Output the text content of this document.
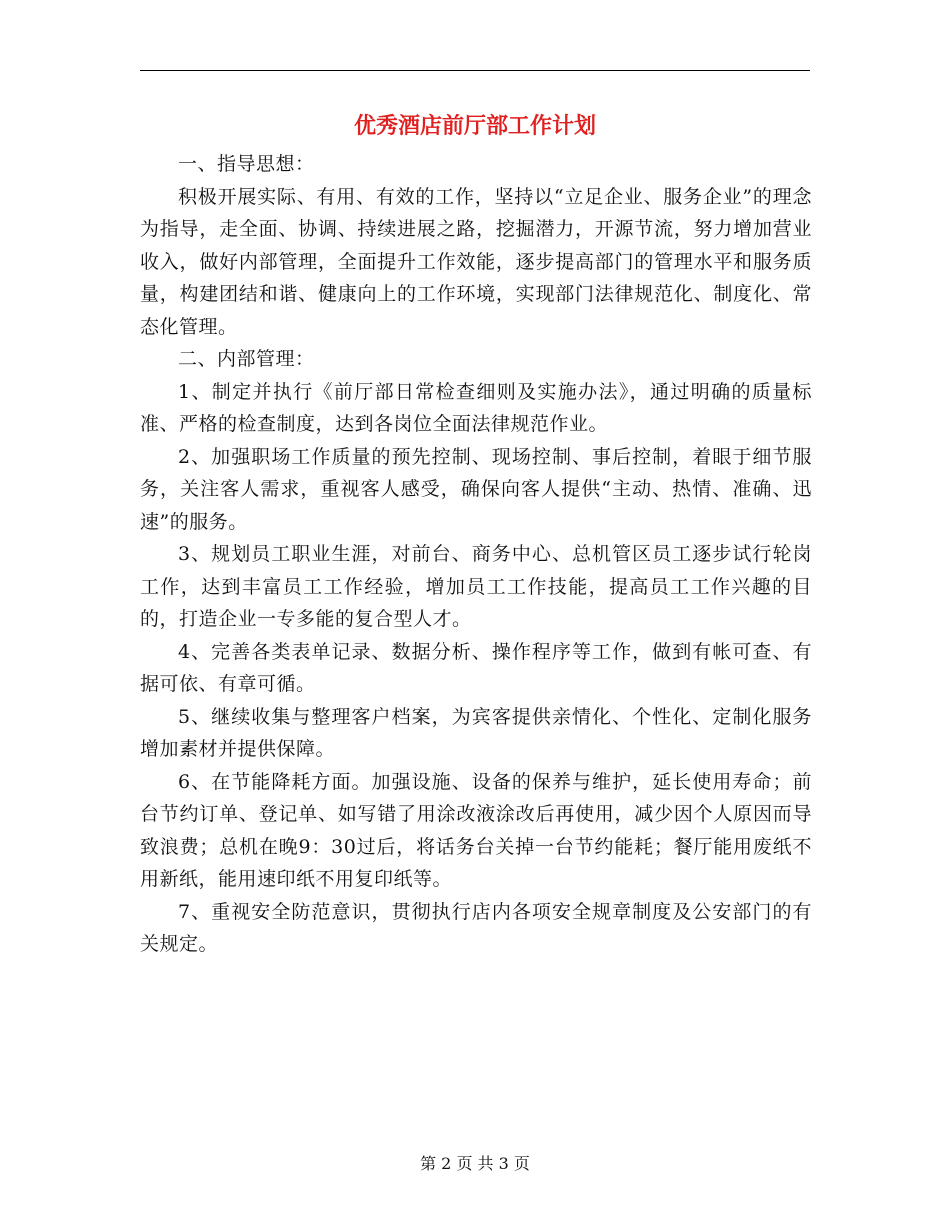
优秀酒店前厅部工作计划

一、指导思想：

积极开展实际、有用、有效的工作，坚持以“立足企业、服务企业”的理念为指导，走全面、协调、持续进展之路，挖掘潜力，开源节流，努力增加营业收入，做好内部管理，全面提升工作效能，逐步提高部门的管理水平和服务质量，构建团结和谐、健康向上的工作环境，实现部门法律规范化、制度化、常态化管理。

二、内部管理：

1、制定并执行《前厅部日常检查细则及实施办法》，通过明确的质量标准、严格的检查制度，达到各岗位全面法律规范作业。

2、加强职场工作质量的预先控制、现场控制、事后控制，着眼于细节服务，关注客人需求，重视客人感受，确保向客人提供“主动、热情、准确、迅速”的服务。

3、规划员工职业生涯，对前台、商务中心、总机管区员工逐步试行轮岗工作，达到丰富员工工作经验，增加员工工作技能，提高员工工作兴趣的目的，打造企业一专多能的复合型人才。

4、完善各类表单记录、数据分析、操作程序等工作，做到有帐可查、有据可依、有章可循。

5、继续收集与整理客户档案，为宾客提供亲情化、个性化、定制化服务增加素材并提供保障。

6、在节能降耗方面。加强设施、设备的保养与维护，延长使用寿命；前台节约订单、登记单、如写错了用涂改液涂改后再使用，减少因个人原因而导致浪费；总机在晚9：30过后，将话务台关掉一台节约能耗；餐厅能用废纸不用新纸，能用速印纸不用复印纸等。

7、重视安全防范意识，贯彻执行店内各项安全规章制度及公安部门的有关规定。

第 2 页 共 3 页
